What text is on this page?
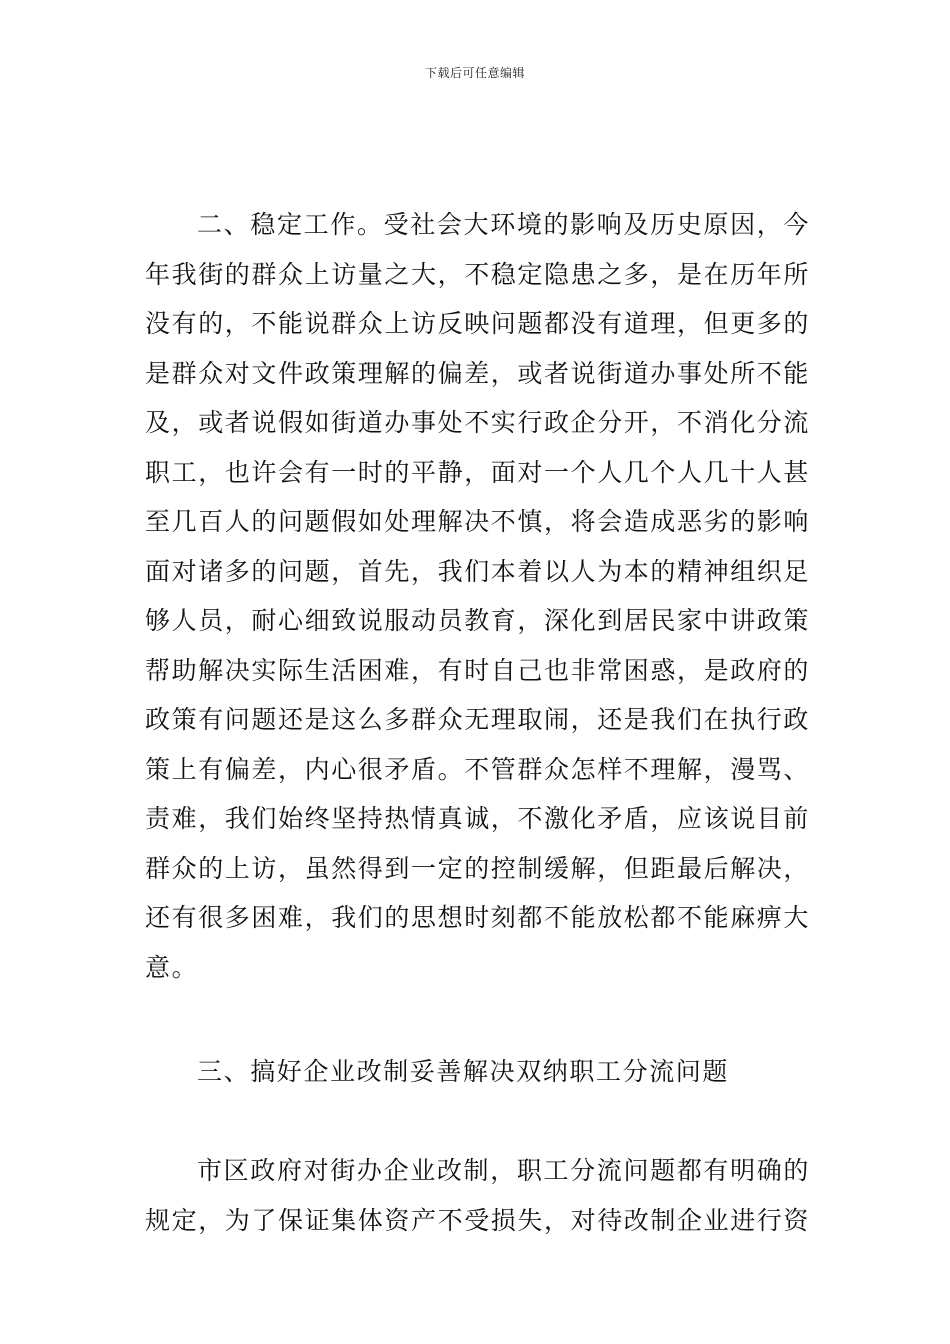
下载后可任意编辑

二、稳定工作。受社会大环境的影响及历史原因，今年我街的群众上访量之大，不稳定隐患之多，是在历年所没有的，不能说群众上访反映问题都没有道理，但更多的是群众对文件政策理解的偏差，或者说街道办事处所不能及，或者说假如街道办事处不实行政企分开，不消化分流职工，也许会有一时的平静，面对一个人几个人几十人甚至几百人的问题假如处理解决不慎，将会造成恶劣的影响面对诸多的问题，首先，我们本着以人为本的精神组织足够人员，耐心细致说服动员教育，深化到居民家中讲政策帮助解决实际生活困难，有时自己也非常困惑，是政府的政策有问题还是这么多群众无理取闹，还是我们在执行政策上有偏差，内心很矛盾。不管群众怎样不理解，漫骂、责难，我们始终坚持热情真诚，不激化矛盾，应该说目前群众的上访，虽然得到一定的控制缓解，但距最后解决，还有很多困难，我们的思想时刻都不能放松都不能麻痹大意。

三、搞好企业改制妥善解决双纳职工分流问题

市区政府对街办企业改制，职工分流问题都有明确的规定，为了保证集体资产不受损失，对待改制企业进行资
